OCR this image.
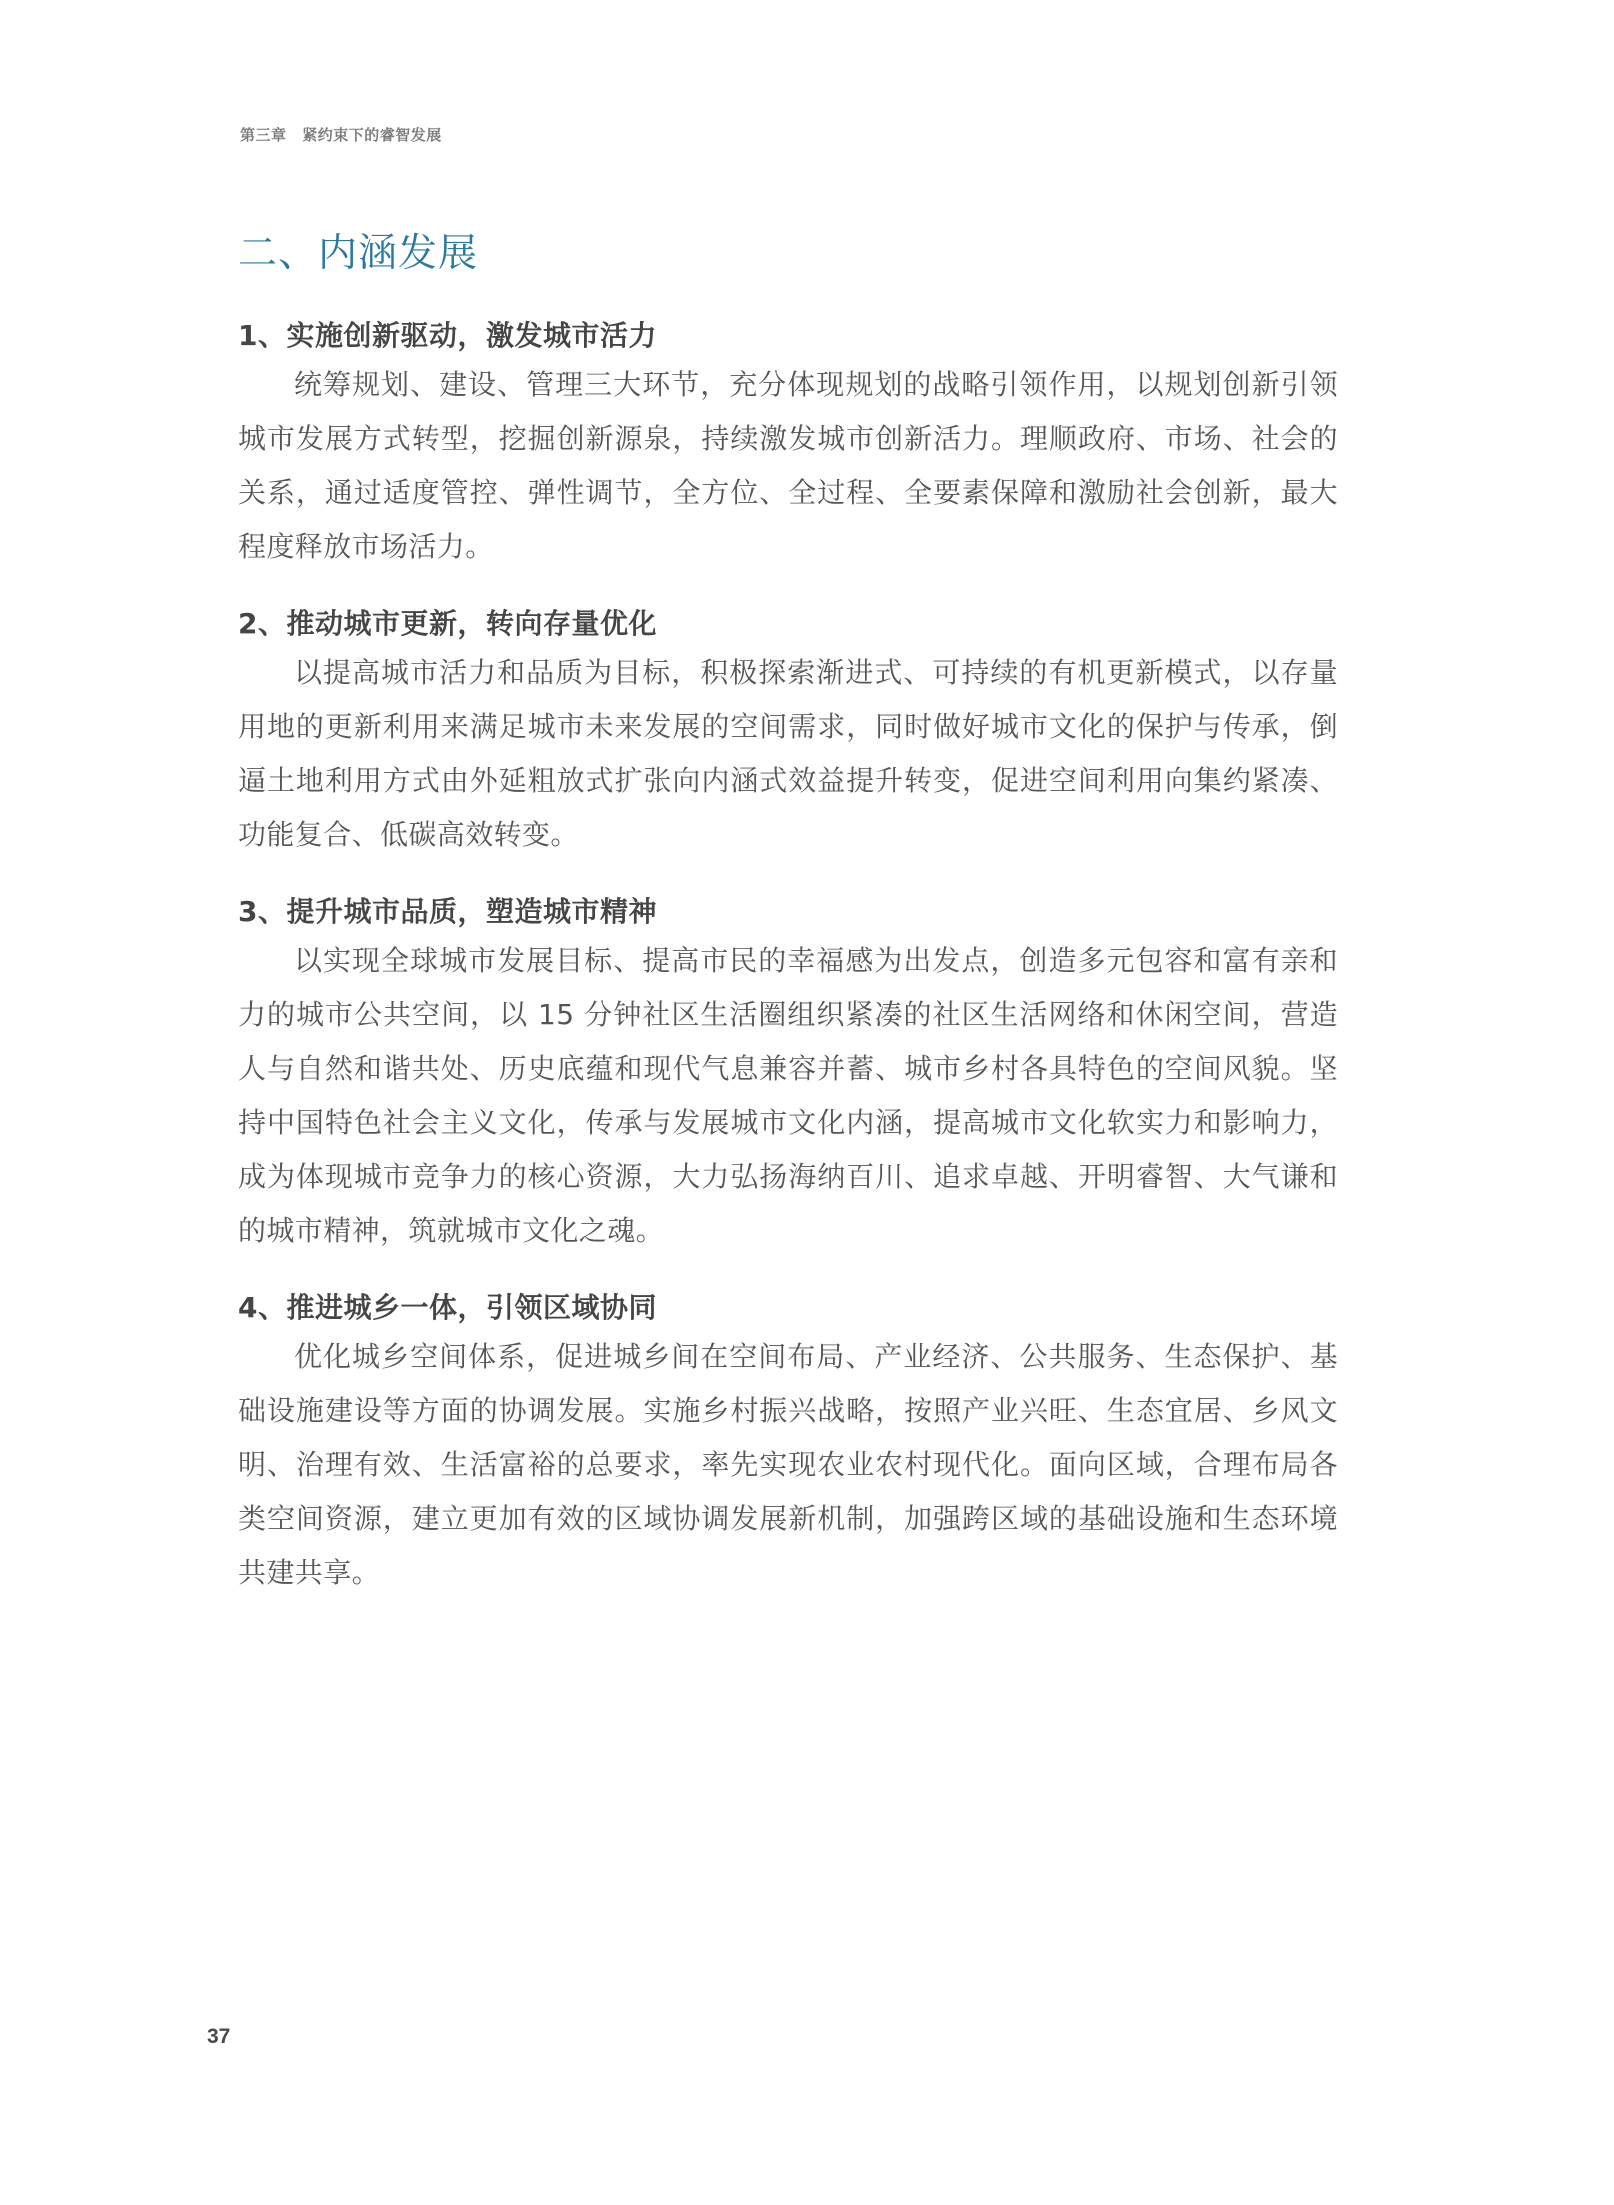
第三章 紧约束下的睿智发展
二、内涵发展
1、实施创新驱动，激发城市活力

统筹规划、建设、管理三大环节，充分体现规划的战略引领作用，以规划创新引领城市发展方式转型，挖掘创新源泉，持续激发城市创新活力。理顺政府、市场、社会的关系，通过适度管控、弹性调节，全方位、全过程、全要素保障和激励社会创新，最大程度释放市场活力。

2、推动城市更新，转向存量优化

以提高城市活力和品质为目标，积极探索渐进式、可持续的有机更新模式，以存量用地的更新利用来满足城市未来发展的空间需求，同时做好城市文化的保护与传承，倒逼土地利用方式由外延粗放式扩张向内涵式效益提升转变，促进空间利用向集约紧凑、功能复合、低碳高效转变。

3、提升城市品质，塑造城市精神

以实现全球城市发展目标、提高市民的幸福感为出发点，创造多元包容和富有亲和力的城市公共空间，以 15 分钟社区生活圈组织紧凑的社区生活网络和休闲空间，营造人与自然和谐共处、历史底蕴和现代气息兼容并蓄、城市乡村各具特色的空间风貌。坚持中国特色社会主义文化，传承与发展城市文化内涵，提高城市文化软实力和影响力，成为体现城市竞争力的核心资源，大力弘扬海纳百川、追求卓越、开明睿智、大气谦和的城市精神，筑就城市文化之魂。

4、推进城乡一体，引领区域协同

优化城乡空间体系，促进城乡间在空间布局、产业经济、公共服务、生态保护、基础设施建设等方面的协调发展。实施乡村振兴战略，按照产业兴旺、生态宜居、乡风文明、治理有效、生活富裕的总要求，率先实现农业农村现代化。面向区域，合理布局各类空间资源，建立更加有效的区域协调发展新机制，加强跨区域的基础设施和生态环境共建共享。

37
